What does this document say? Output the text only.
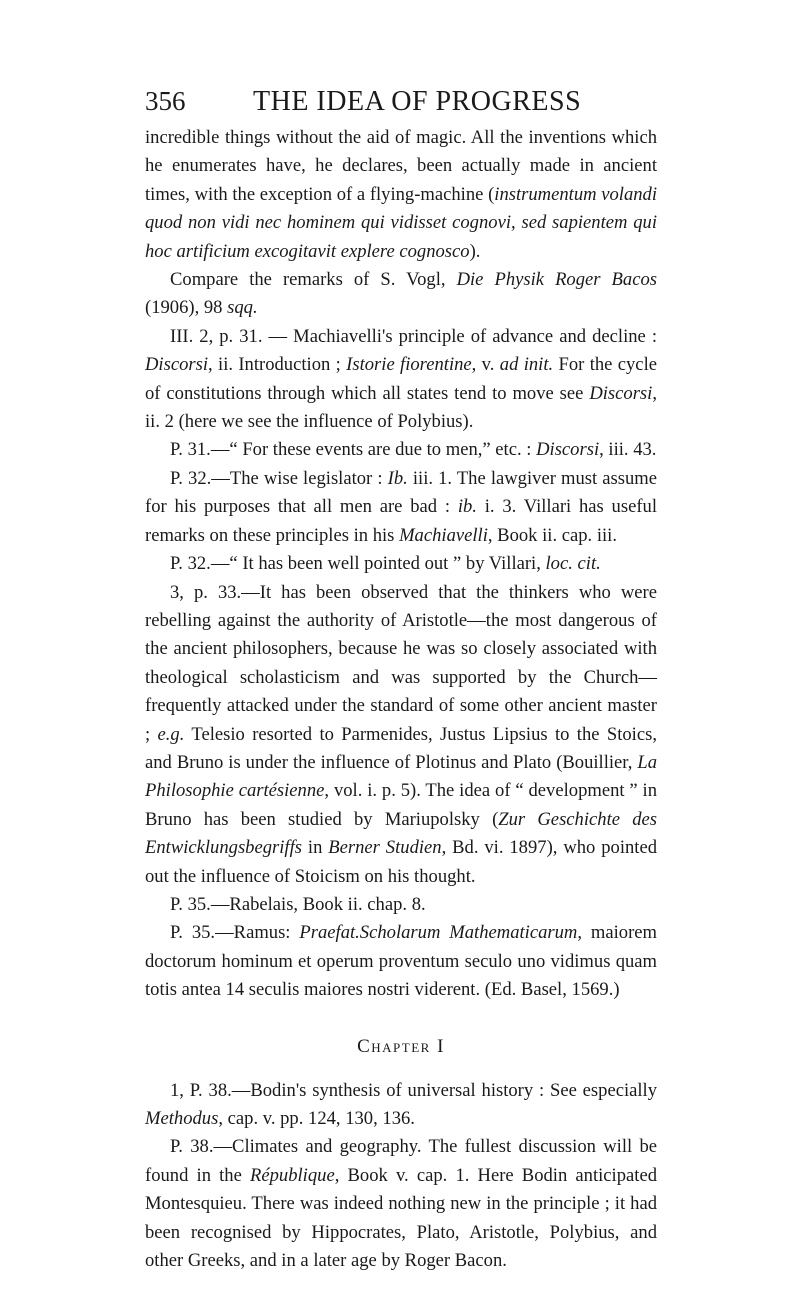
356 THE IDEA OF PROGRESS

incredible things without the aid of magic. All the inventions which he enumerates have, he declares, been actually made in ancient times, with the exception of a flying-machine (instrumentum volandi quod non vidi nec hominem qui vidisset cognovi, sed sapientem qui hoc artificium excogitavit explere cognosco).

Compare the remarks of S. Vogl, Die Physik Roger Bacos (1906), 98 sqq.

III. 2, p. 31. — Machiavelli's principle of advance and decline : Discorsi, ii. Introduction ; Istorie fiorentine, v. ad init. For the cycle of constitutions through which all states tend to move see Discorsi, ii. 2 (here we see the influence of Polybius).

P. 31.—“ For these events are due to men,” etc. : Discorsi, iii. 43.

P. 32.—The wise legislator : Ib. iii. 1. The lawgiver must assume for his purposes that all men are bad : ib. i. 3. Villari has useful remarks on these principles in his Machiavelli, Book ii. cap. iii.

P. 32.—“ It has been well pointed out ” by Villari, loc. cit.

3, p. 33.—It has been observed that the thinkers who were rebelling against the authority of Aristotle—the most dangerous of the ancient philosophers, because he was so closely associated with theological scholasticism and was supported by the Church—frequently attacked under the standard of some other ancient master ; e.g. Telesio resorted to Parmenides, Justus Lipsius to the Stoics, and Bruno is under the influence of Plotinus and Plato (Bouillier, La Philosophie cartésienne, vol. i. p. 5). The idea of “ development ” in Bruno has been studied by Mariupolsky (Zur Geschichte des Entwicklungsbegriffs in Berner Studien, Bd. vi. 1897), who pointed out the influence of Stoicism on his thought.

P. 35.—Rabelais, Book ii. chap. 8.

P. 35.—Ramus: Praefat.Scholarum Mathematicarum, maiorem doctorum hominum et operum proventum seculo uno vidimus quam totis antea 14 seculis maiores nostri viderent. (Ed. Basel, 1569.)

Chapter I

1, P. 38.—Bodin's synthesis of universal history : See especially Methodus, cap. v. pp. 124, 130, 136.

P. 38.—Climates and geography. The fullest discussion will be found in the République, Book v. cap. 1. Here Bodin anticipated Montesquieu. There was indeed nothing new in the principle ; it had been recognised by Hippocrates, Plato, Aristotle, Polybius, and other Greeks, and in a later age by Roger Bacon.
